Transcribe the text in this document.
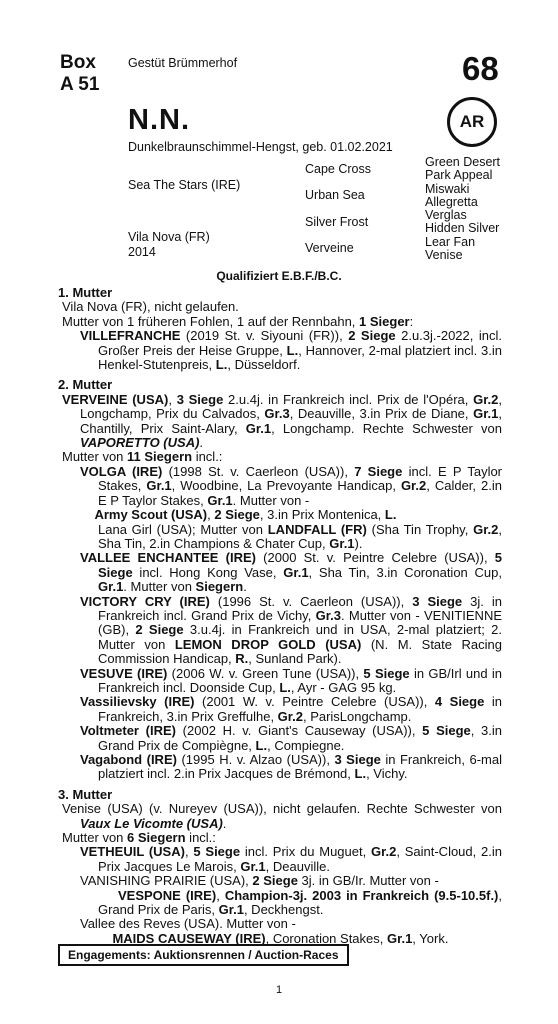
Box
A 51
Gestüt Brümmerhof	68
AR
N.N.
Dunkelbraunschimmel-Hengst, geb. 01.02.2021
Sea The Stars (IRE)
Vila Nova (FR)
2014
Cape Cross
Urban Sea
Silver Frost
Verveine
Green Desert
Park Appeal
Miswaki
Allegretta
Verglas
Hidden Silver
Lear Fan
Venise
Qualifiziert E.B.F./B.C.
1. Mutter

Vila Nova (FR), nicht gelaufen.
Mutter von 1 früheren Fohlen, 1 auf der Rennbahn, 1 Sieger:

VILLEFRANCHE (2019 St. v. Siyouni (FR)), 2 Siege 2.u.3j.-2022, incl. Großer Preis der Heise Gruppe, L., Hannover, 2-mal platziert incl. 3.in Henkel-Stutenpreis, L., Düsseldorf.

2. Mutter

VERVEINE (USA), 3 Siege 2.u.4j. in Frankreich incl. Prix de l'Opéra, Gr.2, Longchamp, Prix du Calvados, Gr.3, Deauville, 3.in Prix de Diane, Gr.1, Chantilly, Prix Saint-Alary, Gr.1, Longchamp. Rechte Schwester von VAPORETTO (USA).

Mutter von 11 Siegern incl.:

VOLGA (IRE) (1998 St. v. Caerleon (USA)), 7 Siege incl. E P Taylor Stakes, Gr.1, Woodbine, La Prevoyante Handicap, Gr.2, Calder, 2.in E P Taylor Stakes, Gr.1. Mutter von -

Army Scout (USA), 2 Siege, 3.in Prix Montenica, L.
Lana Girl (USA); Mutter von LANDFALL (FR) (Sha Tin Trophy, Gr.2, Sha Tin, 2.in Champions & Chater Cup, Gr.1).

VALLEE ENCHANTEE (IRE) (2000 St. v. Peintre Celebre (USA)), 5 Siege incl. Hong Kong Vase, Gr.1, Sha Tin, 3.in Coronation Cup, Gr.1. Mutter von Siegern.

VICTORY CRY (IRE) (1996 St. v. Caerleon (USA)), 3 Siege 3j. in Frankreich incl. Grand Prix de Vichy, Gr.3. Mutter von - VENITIENNE (GB), 2 Siege 3.u.4j. in Frankreich und in USA, 2-mal platziert; 2. Mutter von LEMON DROP GOLD (USA) (N. M. State Racing Commission Handicap, R., Sunland Park).

VESUVE (IRE) (2006 W. v. Green Tune (USA)), 5 Siege in GB/Irl und in Frankreich incl. Doonside Cup, L., Ayr - GAG 95 kg.

Vassilievsky (IRE) (2001 W. v. Peintre Celebre (USA)), 4 Siege in Frankreich, 3.in Prix Greffulhe, Gr.2, ParisLongchamp.

Voltmeter (IRE) (2002 H. v. Giant's Causeway (USA)), 5 Siege, 3.in Grand Prix de Compiègne, L., Compiegne.

Vagabond (IRE) (1995 H. v. Alzao (USA)), 3 Siege in Frankreich, 6-mal platziert incl. 2.in Prix Jacques de Brémond, L., Vichy.

3. Mutter

Venise (USA) (v. Nureyev (USA)), nicht gelaufen. Rechte Schwester von Vaux Le Vicomte (USA).

Mutter von 6 Siegern incl.:

VETHEUIL (USA), 5 Siege incl. Prix du Muguet, Gr.2, Saint-Cloud, 2.in Prix Jacques Le Marois, Gr.1, Deauville.

VANISHING PRAIRIE (USA), 2 Siege 3j. in GB/Ir. Mutter von -
VESPONE (IRE), Champion-3j. 2003 in Frankreich (9.5-10.5f.), Grand Prix de Paris, Gr.1, Deckhengst.

Vallee des Reves (USA). Mutter von -
MAIDS CAUSEWAY (IRE), Coronation Stakes, Gr.1, York.

Engagements: Auktionsrennen / Auction-Races
1
